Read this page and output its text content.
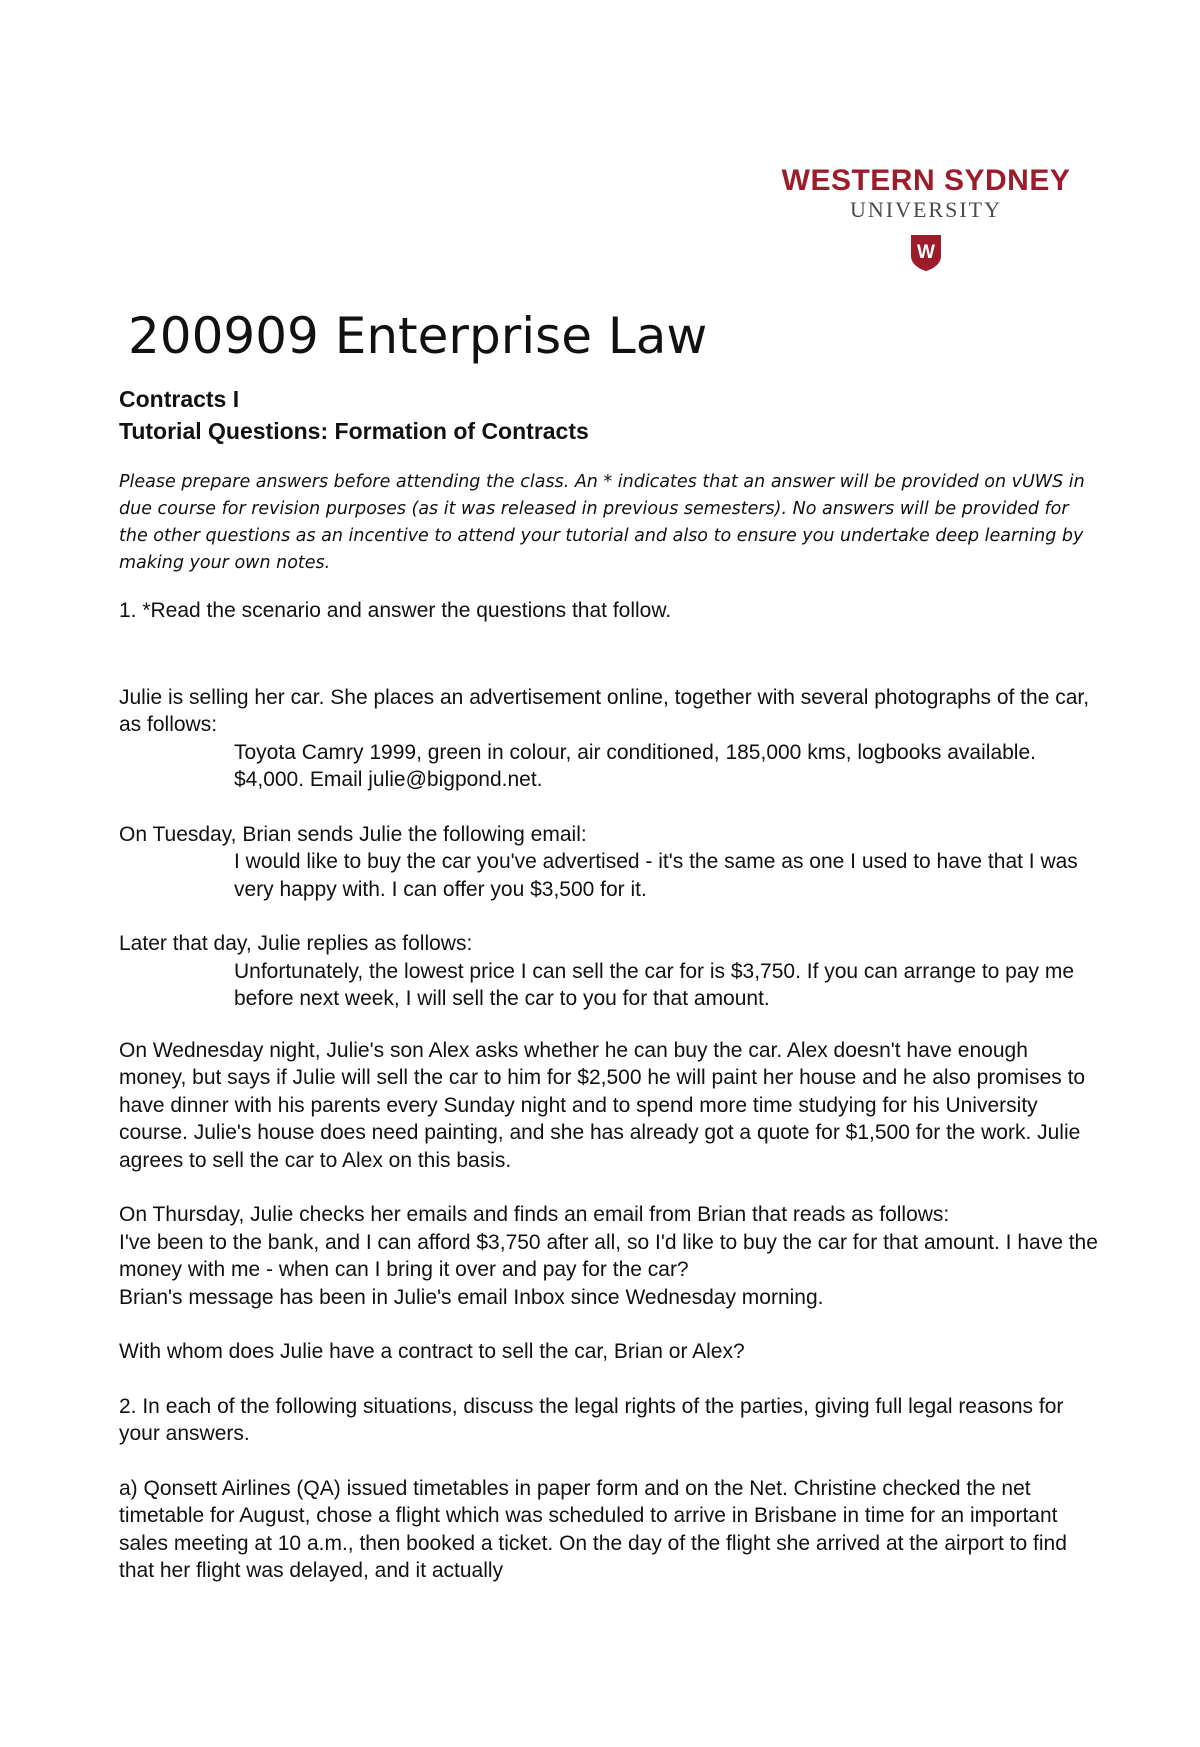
WESTERN SYDNEY
UNIVERSITY
W
200909 Enterprise Law

Contracts I

Tutorial Questions: Formation of Contracts

Please prepare answers before attending the class. An * indicates that an answer will be provided on vUWS in due course for revision purposes (as it was released in previous semesters). No answers will be provided for the other questions as an incentive to attend your tutorial and also to ensure you undertake deep learning by making your own notes.

1. *Read the scenario and answer the questions that follow.

Julie is selling her car. She places an advertisement online, together with several photographs of the car, as follows:

Toyota Camry 1999, green in colour, air conditioned, 185,000 kms, logbooks available. $4,000. Email julie@bigpond.net.

On Tuesday, Brian sends Julie the following email:

I would like to buy the car you've advertised - it's the same as one I used to have that I was very happy with. I can offer you $3,500 for it.

Later that day, Julie replies as follows:

Unfortunately, the lowest price I can sell the car for is $3,750. If you can arrange to pay me before next week, I will sell the car to you for that amount.

On Wednesday night, Julie's son Alex asks whether he can buy the car. Alex doesn't have enough money, but says if Julie will sell the car to him for $2,500 he will paint her house and he also promises to have dinner with his parents every Sunday night and to spend more time studying for his University course. Julie's house does need painting, and she has already got a quote for $1,500 for the work. Julie agrees to sell the car to Alex on this basis.

On Thursday, Julie checks her emails and finds an email from Brian that reads as follows:

I've been to the bank, and I can afford $3,750 after all, so I'd like to buy the car for that amount. I have the money with me - when can I bring it over and pay for the car?

Brian's message has been in Julie's email Inbox since Wednesday morning.

With whom does Julie have a contract to sell the car, Brian or Alex?

2. In each of the following situations, discuss the legal rights of the parties, giving full legal reasons for your answers.

a) Qonsett Airlines (QA) issued timetables in paper form and on the Net. Christine checked the net timetable for August, chose a flight which was scheduled to arrive in Brisbane in time for an important sales meeting at 10 a.m., then booked a ticket. On the day of the flight she arrived at the airport to find that her flight was delayed, and it actually
